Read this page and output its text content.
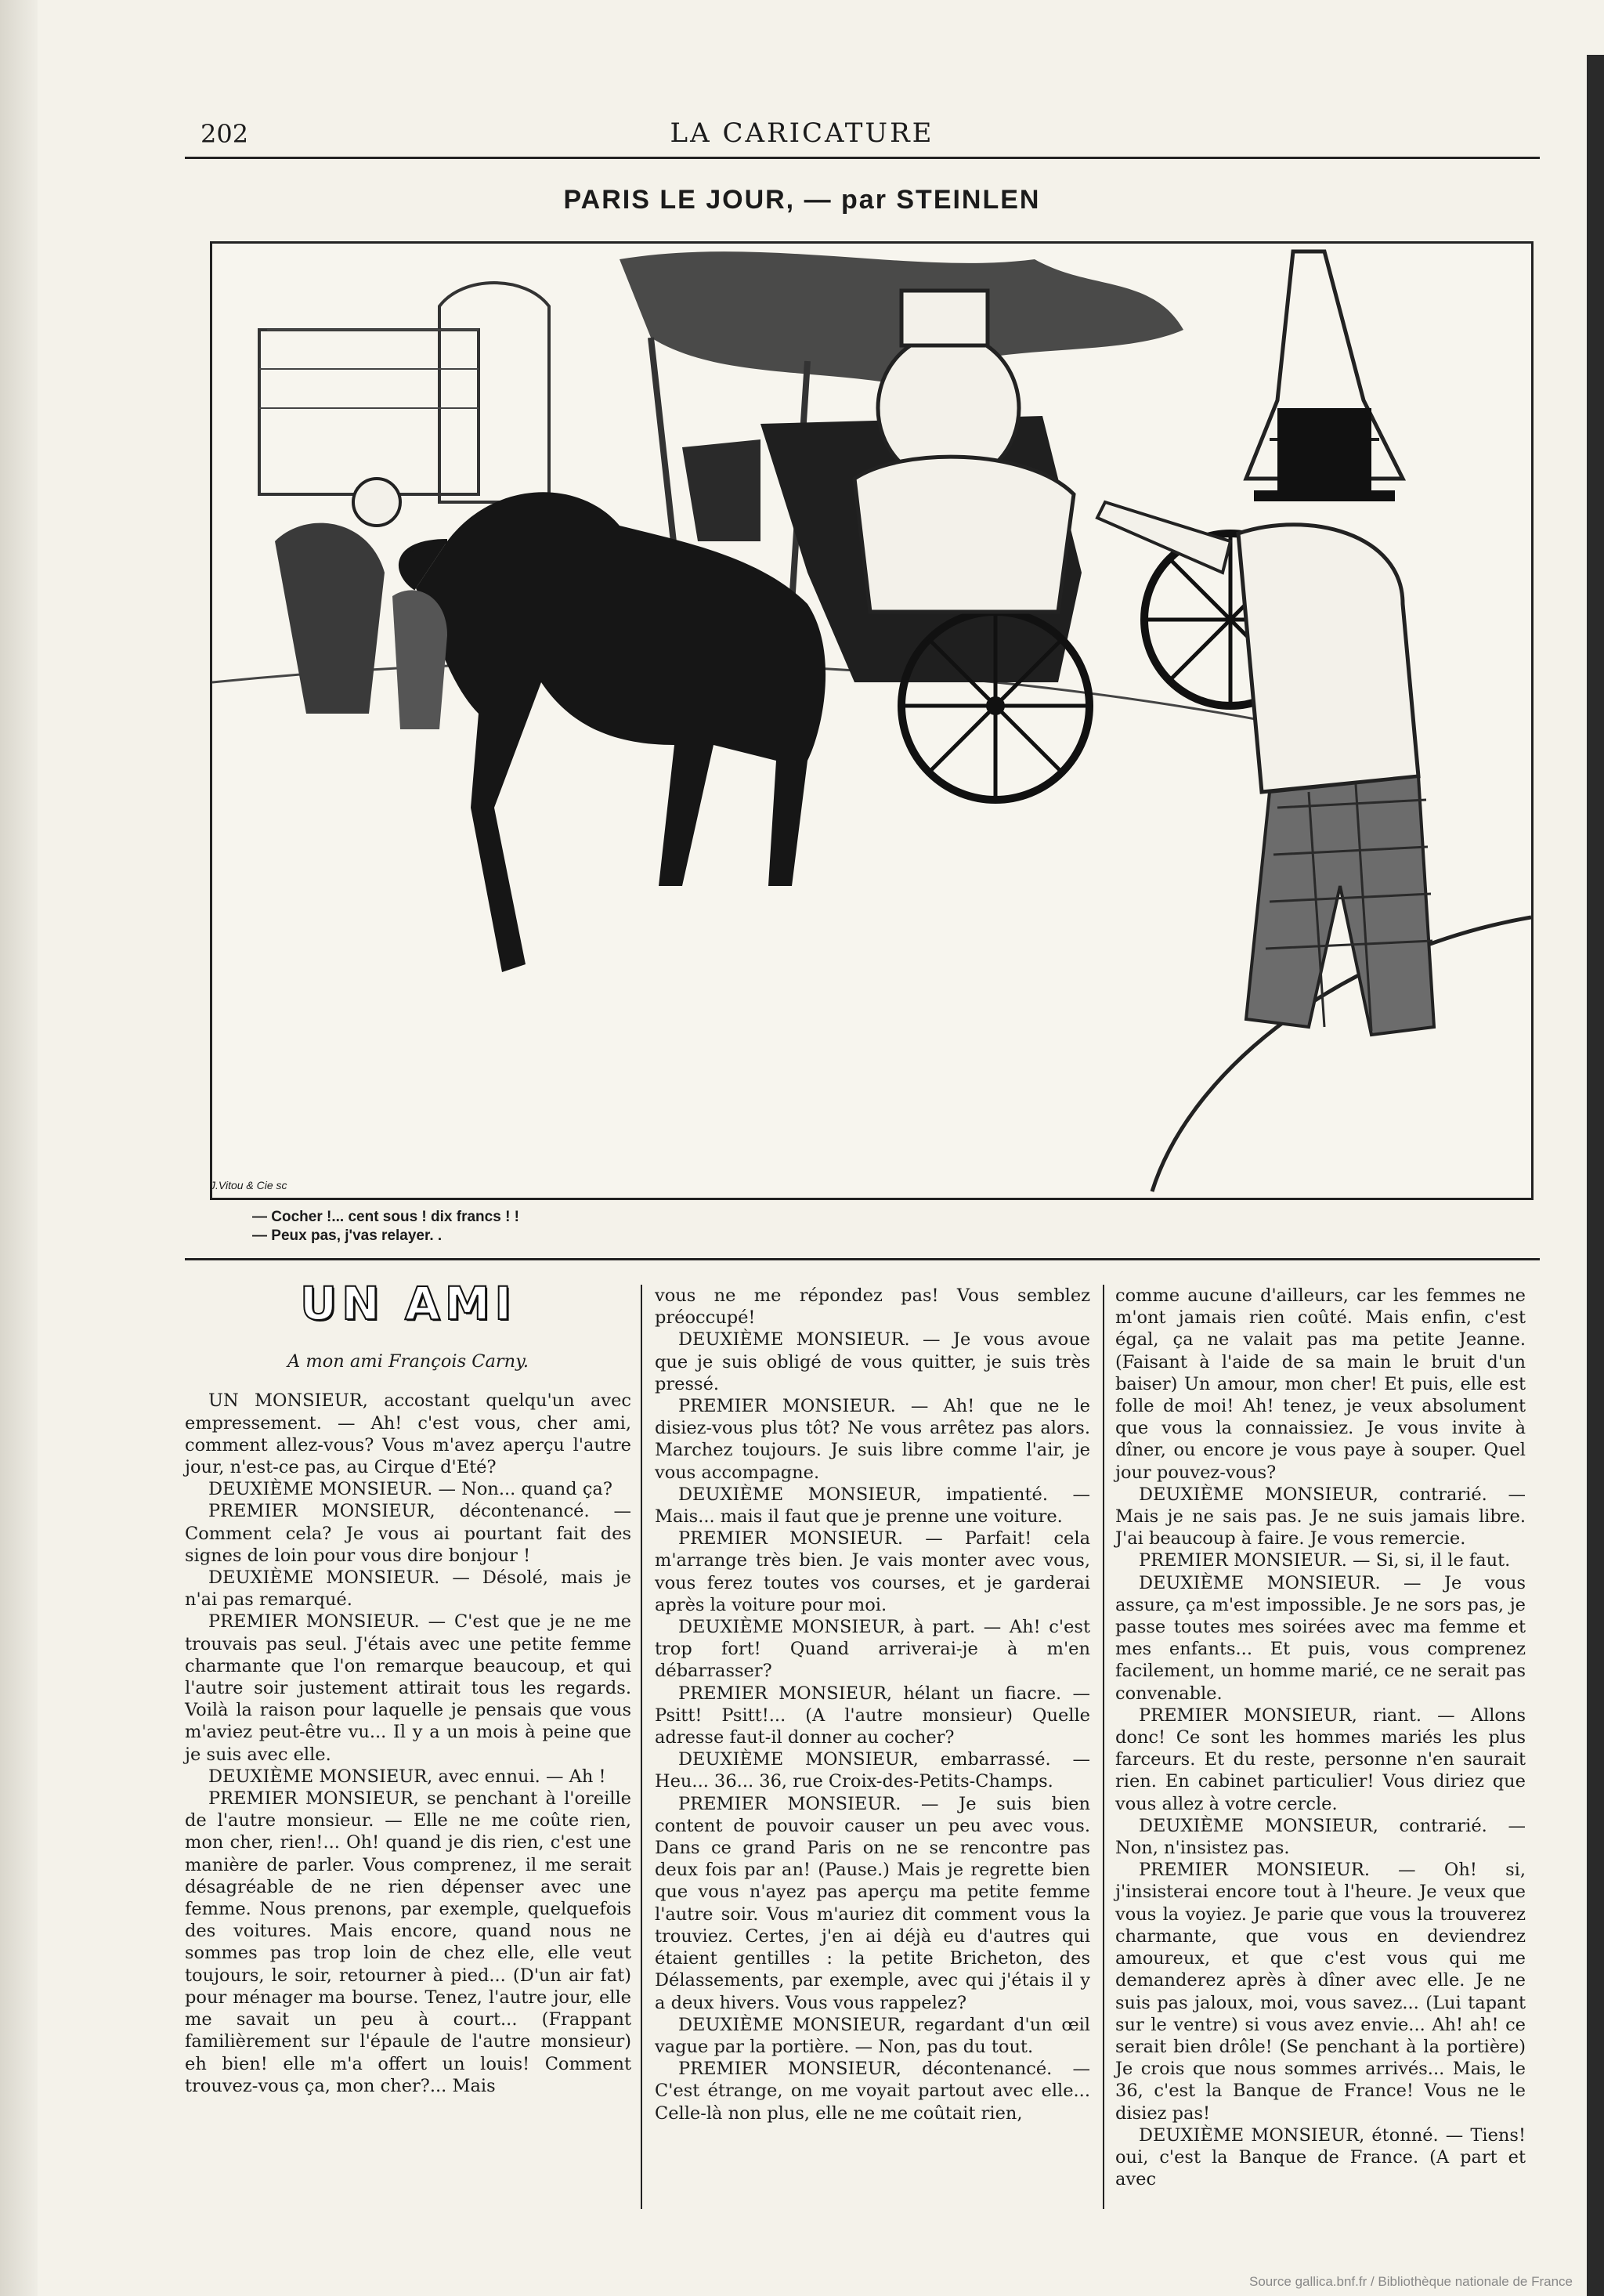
202	LA CARICATURE
PARIS LE JOUR, — par STEINLEN
J.Vitou & Cie sc
— Cocher !... cent sous ! dix francs ! !
— Peux pas, j'vas relayer. .
UN AMI
A mon ami François Carny.

UN MONSIEUR, accostant quelqu'un avec empressement. — Ah! c'est vous, cher ami, comment allez-vous? Vous m'avez aperçu l'autre jour, n'est-ce pas, au Cirque d'Eté?

DEUXIÈME MONSIEUR. — Non... quand ça?

PREMIER MONSIEUR, décontenancé. — Comment cela? Je vous ai pourtant fait des signes de loin pour vous dire bonjour !

DEUXIÈME MONSIEUR. — Désolé, mais je n'ai pas remarqué.

PREMIER MONSIEUR. — C'est que je ne me trouvais pas seul. J'étais avec une petite femme charmante que l'on remarque beaucoup, et qui l'autre soir justement attirait tous les regards. Voilà la raison pour laquelle je pensais que vous m'aviez peut-être vu... Il y a un mois à peine que je suis avec elle.

DEUXIÈME MONSIEUR, avec ennui. — Ah !

PREMIER MONSIEUR, se penchant à l'oreille de l'autre monsieur. — Elle ne me coûte rien, mon cher, rien!... Oh! quand je dis rien, c'est une manière de parler. Vous comprenez, il me serait désagréable de ne rien dépenser avec une femme. Nous prenons, par exemple, quelquefois des voitures. Mais encore, quand nous ne sommes pas trop loin de chez elle, elle veut toujours, le soir, retourner à pied... (D'un air fat) pour ménager ma bourse. Tenez, l'autre jour, elle me savait un peu à court... (Frappant familièrement sur l'épaule de l'autre monsieur) eh bien! elle m'a offert un louis! Comment trouvez-vous ça, mon cher?... Mais

vous ne me répondez pas! Vous semblez préoccupé!

DEUXIÈME MONSIEUR. — Je vous avoue que je suis obligé de vous quitter, je suis très pressé.

PREMIER MONSIEUR. — Ah! que ne le disiez-vous plus tôt? Ne vous arrêtez pas alors. Marchez toujours. Je suis libre comme l'air, je vous accompagne.

DEUXIÈME MONSIEUR, impatienté. — Mais... mais il faut que je prenne une voiture.

PREMIER MONSIEUR. — Parfait! cela m'arrange très bien. Je vais monter avec vous, vous ferez toutes vos courses, et je garderai après la voiture pour moi.

DEUXIÈME MONSIEUR, à part. — Ah! c'est trop fort! Quand arriverai-je à m'en débarrasser?

PREMIER MONSIEUR, hélant un fiacre. — Psitt! Psitt!... (A l'autre monsieur) Quelle adresse faut-il donner au cocher?

DEUXIÈME MONSIEUR, embarrassé. — Heu... 36... 36, rue Croix-des-Petits-Champs.

PREMIER MONSIEUR. — Je suis bien content de pouvoir causer un peu avec vous. Dans ce grand Paris on ne se rencontre pas deux fois par an! (Pause.) Mais je regrette bien que vous n'ayez pas aperçu ma petite femme l'autre soir. Vous m'auriez dit comment vous la trouviez. Certes, j'en ai déjà eu d'autres qui étaient gentilles : la petite Bricheton, des Délassements, par exemple, avec qui j'étais il y a deux hivers. Vous vous rappelez?

DEUXIÈME MONSIEUR, regardant d'un œil vague par la portière. — Non, pas du tout.

PREMIER MONSIEUR, décontenancé. — C'est étrange, on me voyait partout avec elle... Celle-là non plus, elle ne me coûtait rien,

comme aucune d'ailleurs, car les femmes ne m'ont jamais rien coûté. Mais enfin, c'est égal, ça ne valait pas ma petite Jeanne. (Faisant à l'aide de sa main le bruit d'un baiser) Un amour, mon cher! Et puis, elle est folle de moi! Ah! tenez, je veux absolument que vous la connaissiez. Je vous invite à dîner, ou encore je vous paye à souper. Quel jour pouvez-vous?

DEUXIÈME MONSIEUR, contrarié. — Mais je ne sais pas. Je ne suis jamais libre. J'ai beaucoup à faire. Je vous remercie.

PREMIER MONSIEUR. — Si, si, il le faut.

DEUXIÈME MONSIEUR. — Je vous assure, ça m'est impossible. Je ne sors pas, je passe toutes mes soirées avec ma femme et mes enfants... Et puis, vous comprenez facilement, un homme marié, ce ne serait pas convenable.

PREMIER MONSIEUR, riant. — Allons donc! Ce sont les hommes mariés les plus farceurs. Et du reste, personne n'en saurait rien. En cabinet particulier! Vous diriez que vous allez à votre cercle.

DEUXIÈME MONSIEUR, contrarié. — Non, n'insistez pas.

PREMIER MONSIEUR. — Oh! si, j'insisterai encore tout à l'heure. Je veux que vous la voyiez. Je parie que vous la trouverez charmante, que vous en deviendrez amoureux, et que c'est vous qui me demanderez après à dîner avec elle. Je ne suis pas jaloux, moi, vous savez... (Lui tapant sur le ventre) si vous avez envie... Ah! ah! ce serait bien drôle! (Se penchant à la portière) Je crois que nous sommes arrivés... Mais, le 36, c'est la Banque de France! Vous ne le disiez pas!

DEUXIÈME MONSIEUR, étonné. — Tiens! oui, c'est la Banque de France. (A part et avec

Source gallica.bnf.fr / Bibliothèque nationale de France
